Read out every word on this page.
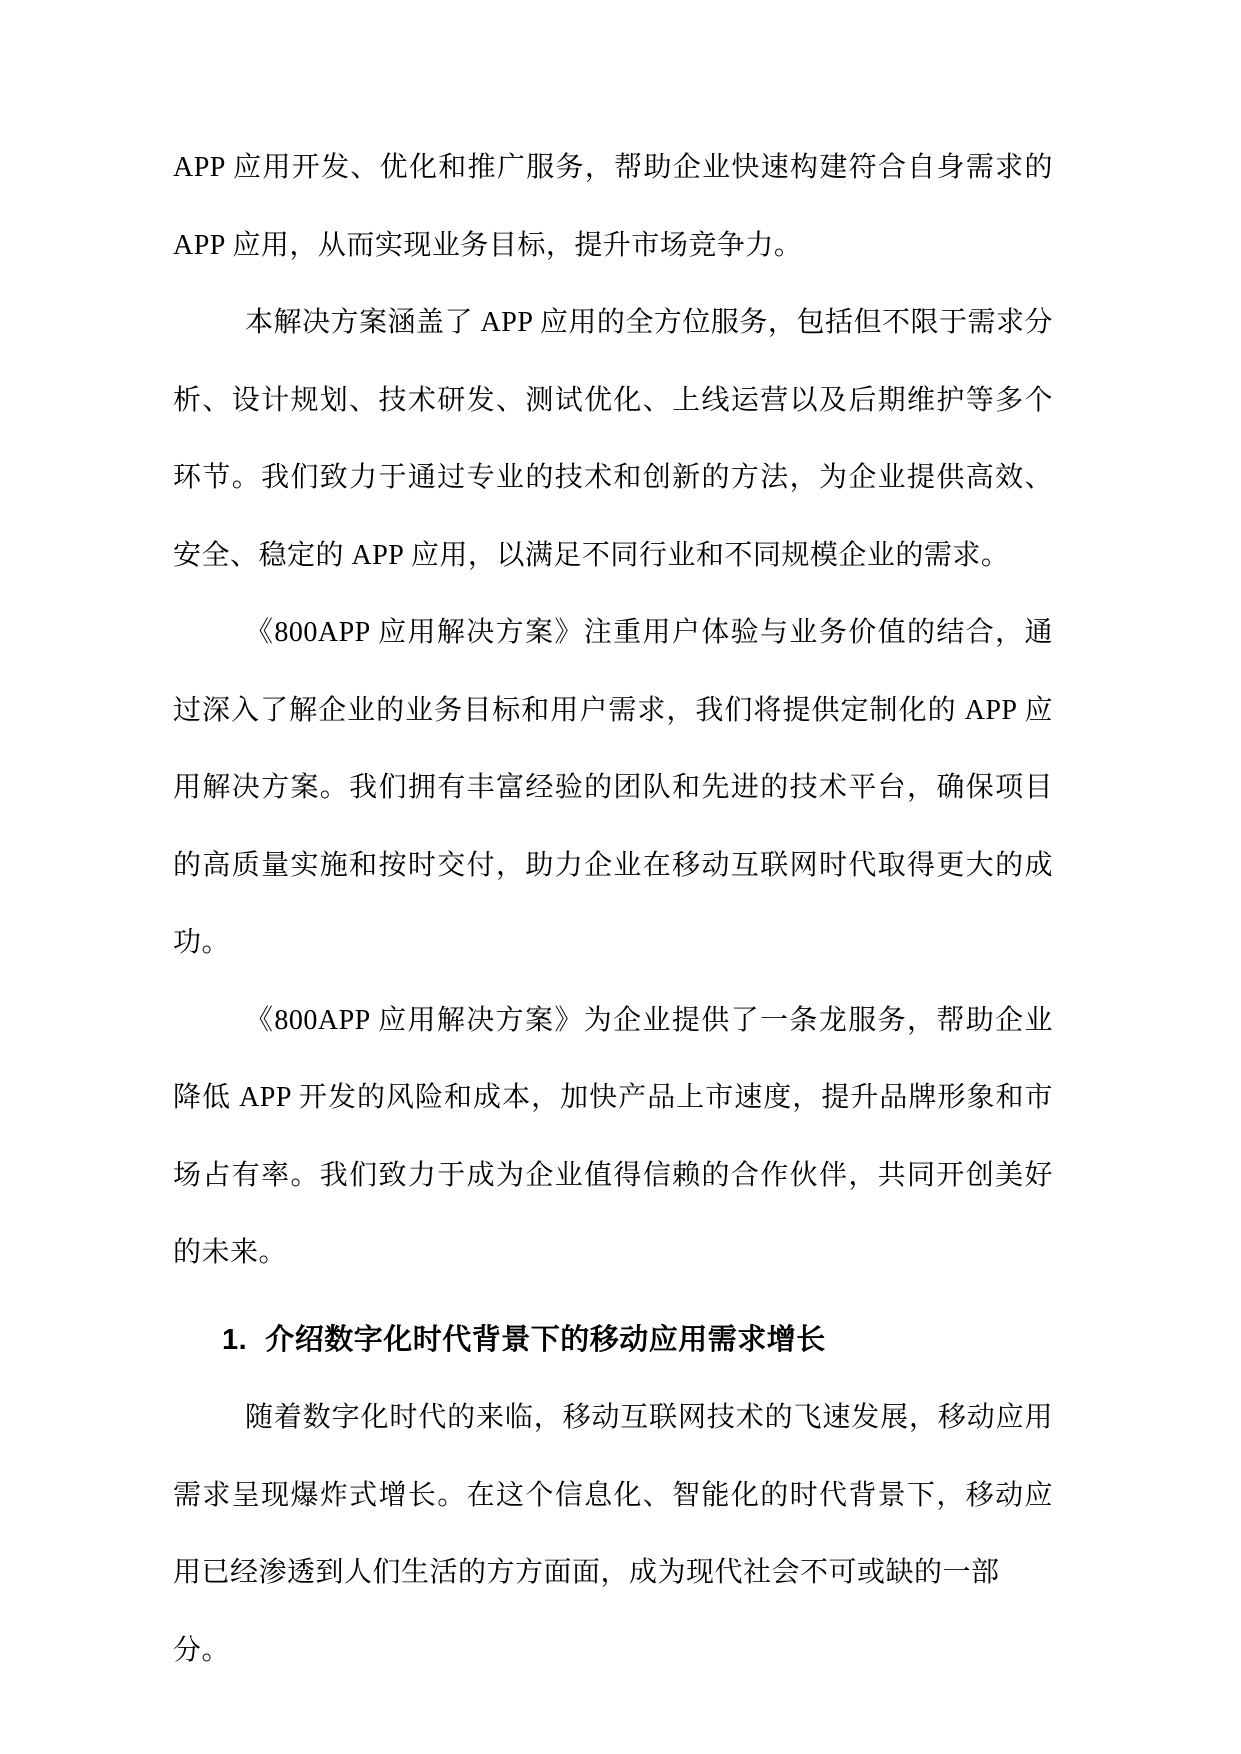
APP 应用开发、优化和推广服务，帮助企业快速构建符合自身需求的
APP 应用，从而实现业务目标，提升市场竞争力。
本解决方案涵盖了 APP 应用的全方位服务，包括但不限于需求分
析、设计规划、技术研发、测试优化、上线运营以及后期维护等多个
环节。我们致力于通过专业的技术和创新的方法，为企业提供高效、
安全、稳定的 APP 应用，以满足不同行业和不同规模企业的需求。
《800APP 应用解决方案》注重用户体验与业务价值的结合，通
过深入了解企业的业务目标和用户需求，我们将提供定制化的 APP 应
用解决方案。我们拥有丰富经验的团队和先进的技术平台，确保项目
的高质量实施和按时交付，助力企业在移动互联网时代取得更大的成
功。
《800APP 应用解决方案》为企业提供了一条龙服务，帮助企业
降低 APP 开发的风险和成本，加快产品上市速度，提升品牌形象和市
场占有率。我们致力于成为企业值得信赖的合作伙伴，共同开创美好
的未来。
1. 介绍数字化时代背景下的移动应用需求增长
随着数字化时代的来临，移动互联网技术的飞速发展，移动应用
需求呈现爆炸式增长。在这个信息化、智能化的时代背景下，移动应
用已经渗透到人们生活的方方面面，成为现代社会不可或缺的一部分。
